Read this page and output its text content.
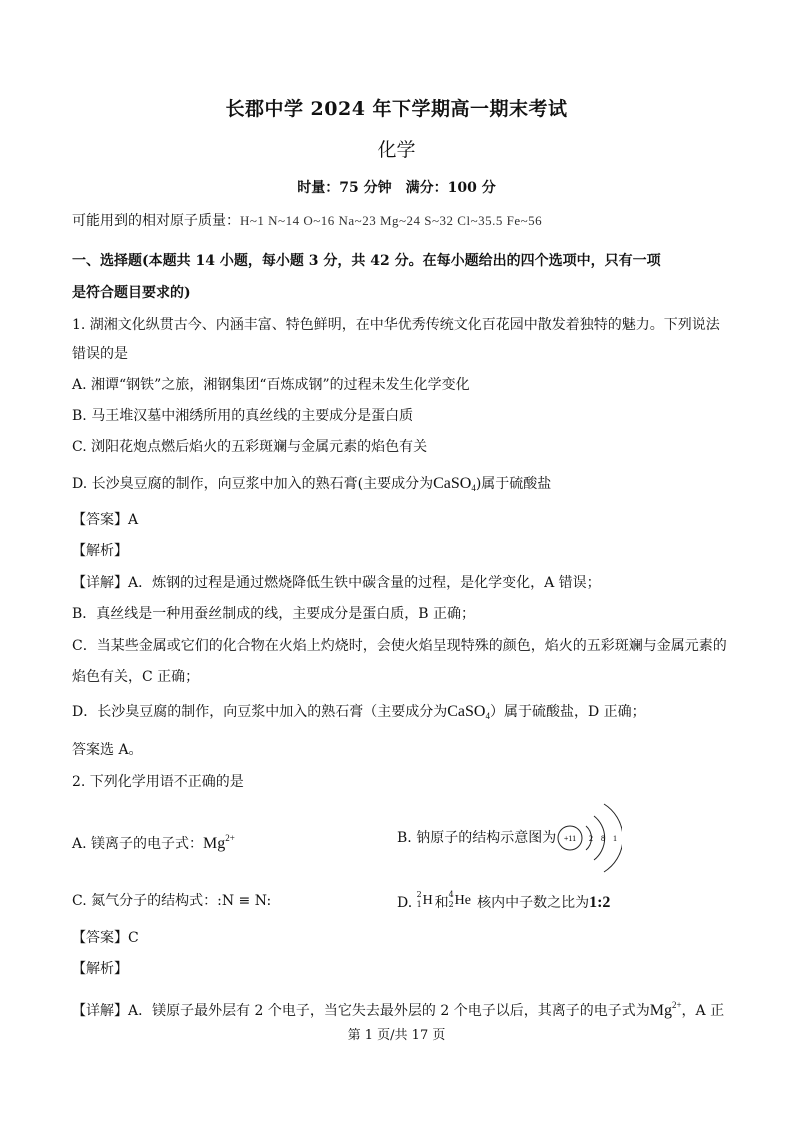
长郡中学 2024 年下学期高一期末考试
化学
时量：75 分钟　满分：100 分
可能用到的相对原子质量：H~1 N~14 O~16 Na~23 Mg~24 S~32 Cl~35.5 Fe~56
一、选择题(本题共 14 小题，每小题 3 分，共 42 分。在每小题给出的四个选项中，只有一项
是符合题目要求的)
1. 湖湘文化纵贯古今、内涵丰富、特色鲜明，在中华优秀传统文化百花园中散发着独特的魅力。下列说法
错误的是
A. 湘谭“钢铁”之旅，湘钢集团“百炼成钢”的过程未发生化学变化
B. 马王堆汉墓中湘绣所用的真丝线的主要成分是蛋白质
C. 浏阳花炮点燃后焰火的五彩斑斓与金属元素的焰色有关
D. 长沙臭豆腐的制作，向豆浆中加入的熟石膏(主要成分为CaSO$_4$)属于硫酸盐
【答案】A
【解析】
【详解】A．炼钢的过程是通过燃烧降低生铁中碳含量的过程，是化学变化，A 错误；
B．真丝线是一种用蚕丝制成的线，主要成分是蛋白质，B 正确；
C．当某些金属或它们的化合物在火焰上灼烧时，会使火焰呈现特殊的颜色，焰火的五彩斑斓与金属元素的
焰色有关，C 正确；
D．长沙臭豆腐的制作，向豆浆中加入的熟石膏（主要成分为CaSO$_4$）属于硫酸盐，D 正确；
答案选 A。
2. 下列化学用语不正确的是
A. 镁离子的电子式：$Mg^{2+}$	B. 钠原子的结构示意图为 +11 2 8 1
C. 氮气分子的结构式：:N ≡ N:	D.
2
1 H 和
4
2 He 核内中子数之比为1:2
【答案】C
【解析】
【详解】A．镁原子最外层有 2 个电子，当它失去最外层的 2 个电子以后，其离子的电子式为$Mg^{2+}$，A 正
第 1 页/共 17 页
